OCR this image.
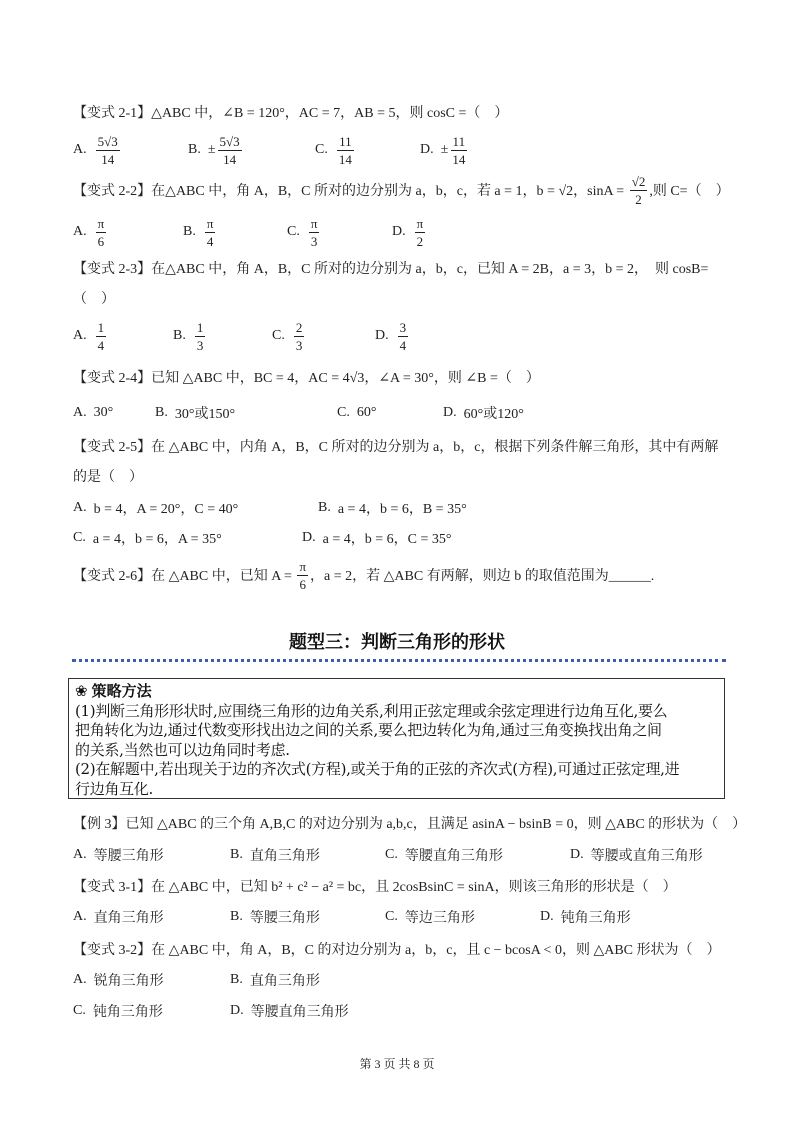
【变式 2-1】 △ABC 中，∠B = 120°，AC = 7，AB = 5，则 cosC =（　）
A. $\frac{5√3}{14}$	B. ± $\frac{5√3}{14}$	C. $\frac{11}{14}$	D. ± $\frac{11}{14}$
【变式 2-2】 在△ABC 中，角 A，B，C 所对的边分别为 a，b，c，若 a = 1，b = √2，$\sin A = \frac{√2}{2}$ ,则 C=（　）
A. $\frac{\pi}{6}$	B. $\frac{\pi}{4}$	C. $\frac{\pi}{3}$	D. $\frac{\pi}{2}$
【变式 2-3】 在△ABC 中，角 A，B，C 所对的边分别为 a，b，c，已知 A = 2B，a = 3，b = 2，　则 cosB=
（　）
A. $\frac{1}{4}$	B. $\frac{1}{3}$	C. $\frac{2}{3}$	D. $\frac{3}{4}$
【变式 2-4】 已知 △ABC 中，BC = 4，AC = 4√3，∠A = 30°，则 ∠B =（　）
A. 30°	B. 30°或150°	C. 60°	D. 60°或120°
【变式 2-5】 在 △ABC 中，内角 A，B，C 所对的边分别为 a，b，c，根据下列条件解三角形，其中有两解
的是（　）
A. b = 4，A = 20°，C = 40°	B. a = 4，b = 6，B = 35°
C. a = 4，b = 6，A = 35°	D. a = 4，b = 6，C = 35°
【变式 2-6】 在 △ABC 中，已知 $A = \frac{\pi}{6}$ ，a = 2，若 △ABC 有两解，则边 b 的取值范围为______.
【例 3】 已知 △ABC 的三个角 A,B,C 的对边分别为 a,b,c，且满足 asinA − bsinB = 0，则 △ABC 的形状为（　）
A. 等腰三角形	B. 直角三角形	C. 等腰直角三角形	D. 等腰或直角三角形
【变式 3-1】 在 △ABC 中，已知 b² + c² − a² = bc，且 2cosBsinC = sinA，则该三角形的形状是（　）
A. 直角三角形	B. 等腰三角形	C. 等边三角形	D. 钝角三角形
【变式 3-2】 在 △ABC 中，角 A，B，C 的对边分别为 a，b，c，且 c − bcosA < 0，则 △ABC 形状为（　）
A. 锐角三角形	B. 直角三角形
C. 钝角三角形	D. 等腰直角三角形
题型三：判断三角形的形状
❀ 策略方法
(1)判断三角形形状时,应围绕三角形的边角关系,利用正弦定理或余弦定理进行边角互化,要么
把角转化为边,通过代数变形找出边之间的关系,要么把边转化为角,通过三角变换找出角之间
的关系,当然也可以边角同时考虑.
(2)在解题中,若出现关于边的齐次式(方程),或关于角的正弦的齐次式(方程),可通过正弦定理,进
行边角互化.
第 3 页 共 8 页
